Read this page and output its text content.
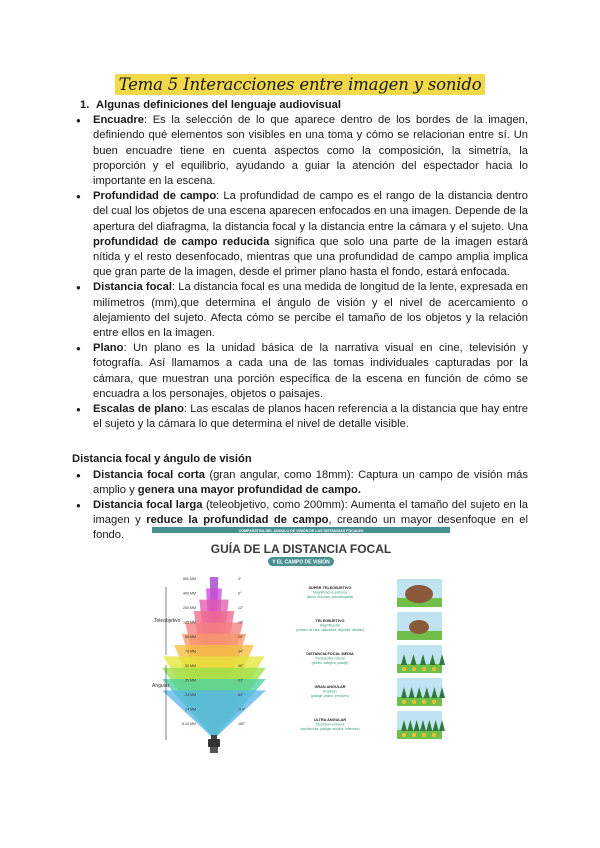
Tema 5 Interacciones entre imagen y sonido
1. Algunas definiciones del lenguaje audiovisual
● Encuadre: Es la selección de lo que aparece dentro de los bordes de la imagen, definiendo qué elementos son visibles en una toma y cómo se relacionan entre sí. Un buen encuadre tiene en cuenta aspectos como la composición, la simetría, la proporción y el equilibrio, ayudando a guiar la atención del espectador hacia lo importante en la escena.
● Profundidad de campo: La profundidad de campo es el rango de la distancia dentro del cual los objetos de una escena aparecen enfocados en una imagen. Depende de la apertura del diafragma, la distancia focal y la distancia entre la cámara y el sujeto. Una profundidad de campo reducida significa que solo una parte de la imagen estará nítida y el resto desenfocado, mientras que una profundidad de campo amplia implica que gran parte de la imagen, desde el primer plano hasta el fondo, estará enfocada.
● Distancia focal: La distancia focal es una medida de longitud de la lente, expresada en milímetros (mm),que determina el ángulo de visión y el nivel de acercamiento o alejamiento del sujeto. Afecta cómo se percibe el tamaño de los objetos y la relación entre ellos en la imagen.
● Plano: Un plano es la unidad básica de la narrativa visual en cine, televisión y fotografía. Así llamamos a cada una de las tomas individuales capturadas por la cámara, que muestran una porción específica de la escena en función de cómo se encuadra a los personajes, objetos o paisajes.
● Escalas de plano: Las escalas de planos hacen referencia a la distancia que hay entre el sujeto y la cámara lo que determina el nivel de detalle visible.
Distancia focal y ángulo de visión
● Distancia focal corta (gran angular, como 18mm): Captura un campo de visión más amplio y genera una mayor profundidad de campo.
● Distancia focal larga (teleobjetivo, como 200mm): Aumenta el tamaño del sujeto en la imagen y reduce la profundidad de campo, creando un mayor desenfoque en el fondo.	COMPARATIVA DEL ÁNGULO DE VISIÓN DE LAS DISTANCIAS FOCALES
GUÍA DE LA DISTANCIA FOCAL
Y EL CAMPO DE VISIÓN
800 MM	3°
400 MM	6°
200 MM	12°
135 MM	18°
85 MM	28°
70 MM	34°
50 MM	46°
35 MM	63°
24 MM	84°
14 MM	114°
8-10 MM	180°
Teleobjetivo
Angular
SUPER TELEOBJETIVO
Magnificación extrema
(fauna, deportes, astrofotografía)
TELEOBJETIVO
Magnificación
(retratos de cara, naturaleza, deportes, detalles)
DISTANCIA FOCAL MEDIA
Perspectiva natural
(retrato, callejera, paisaje)
GRAN ANGULAR
Ampliado
(paisaje urbano, interiores)
ULTRA ANGULAR
Distorsión extrema
(arquitectura, paisajes amplios, interiores)
